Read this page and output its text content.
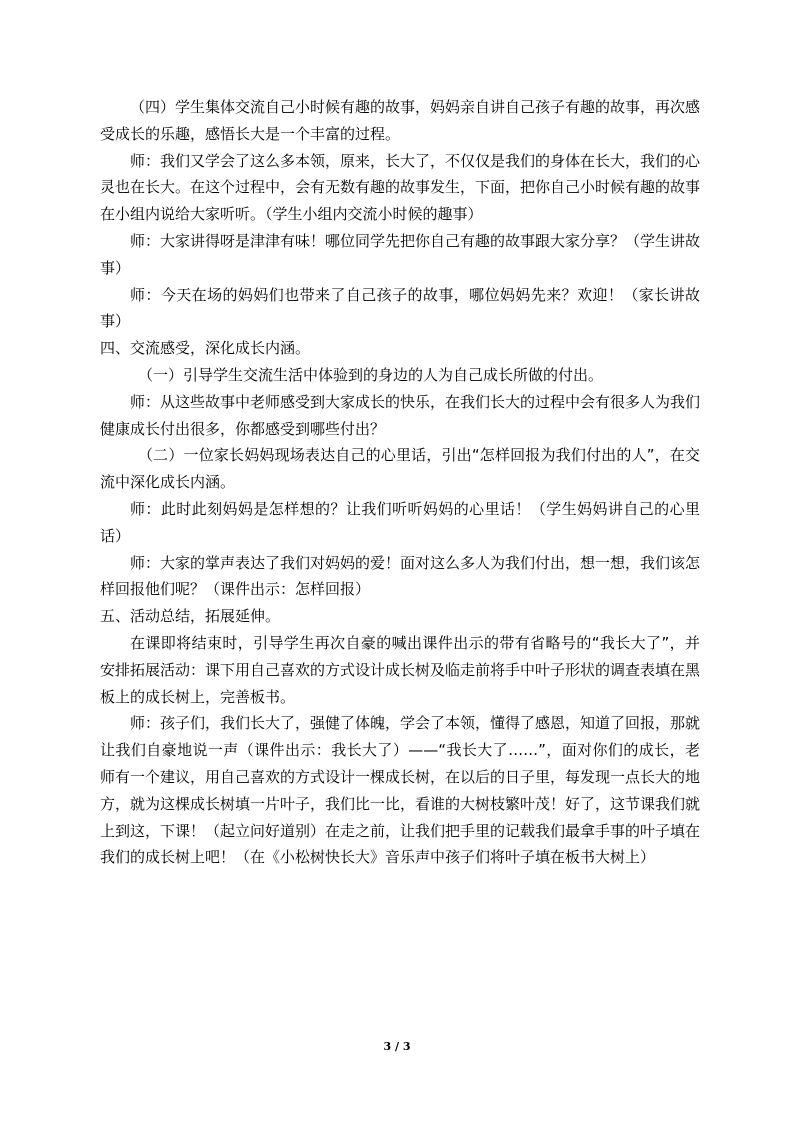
（四）学生集体交流自己小时候有趣的故事，妈妈亲自讲自己孩子有趣的故事，再次感受成长的乐趣，感悟长大是一个丰富的过程。

师：我们又学会了这么多本领，原来，长大了，不仅仅是我们的身体在长大，我们的心灵也在长大。在这个过程中，会有无数有趣的故事发生，下面，把你自己小时候有趣的故事在小组内说给大家听听。（学生小组内交流小时候的趣事）

师：大家讲得呀是津津有味！哪位同学先把你自己有趣的故事跟大家分享？（学生讲故事）

师：今天在场的妈妈们也带来了自己孩子的故事，哪位妈妈先来？欢迎！（家长讲故事）

四、交流感受，深化成长内涵。

（一）引导学生交流生活中体验到的身边的人为自己成长所做的付出。

师：从这些故事中老师感受到大家成长的快乐，在我们长大的过程中会有很多人为我们健康成长付出很多，你都感受到哪些付出？

（二）一位家长妈妈现场表达自己的心里话，引出“怎样回报为我们付出的人”，在交流中深化成长内涵。

师：此时此刻妈妈是怎样想的？让我们听听妈妈的心里话！（学生妈妈讲自己的心里话）

师：大家的掌声表达了我们对妈妈的爱！面对这么多人为我们付出，想一想，我们该怎样回报他们呢？（课件出示：怎样回报）

五、活动总结，拓展延伸。

在课即将结束时，引导学生再次自豪的喊出课件出示的带有省略号的“我长大了”，并安排拓展活动：课下用自己喜欢的方式设计成长树及临走前将手中叶子形状的调查表填在黑板上的成长树上，完善板书。

师：孩子们，我们长大了，强健了体魄，学会了本领，懂得了感恩，知道了回报，那就让我们自豪地说一声（课件出示：我长大了）——“我长大了……”，面对你们的成长，老师有一个建议，用自己喜欢的方式设计一棵成长树，在以后的日子里，每发现一点长大的地方，就为这棵成长树填一片叶子，我们比一比，看谁的大树枝繁叶茂！好了，这节课我们就上到这，下课！（起立问好道别）在走之前，让我们把手里的记载我们最拿手事的叶子填在我们的成长树上吧！（在《小松树快长大》音乐声中孩子们将叶子填在板书大树上）

3 / 3
